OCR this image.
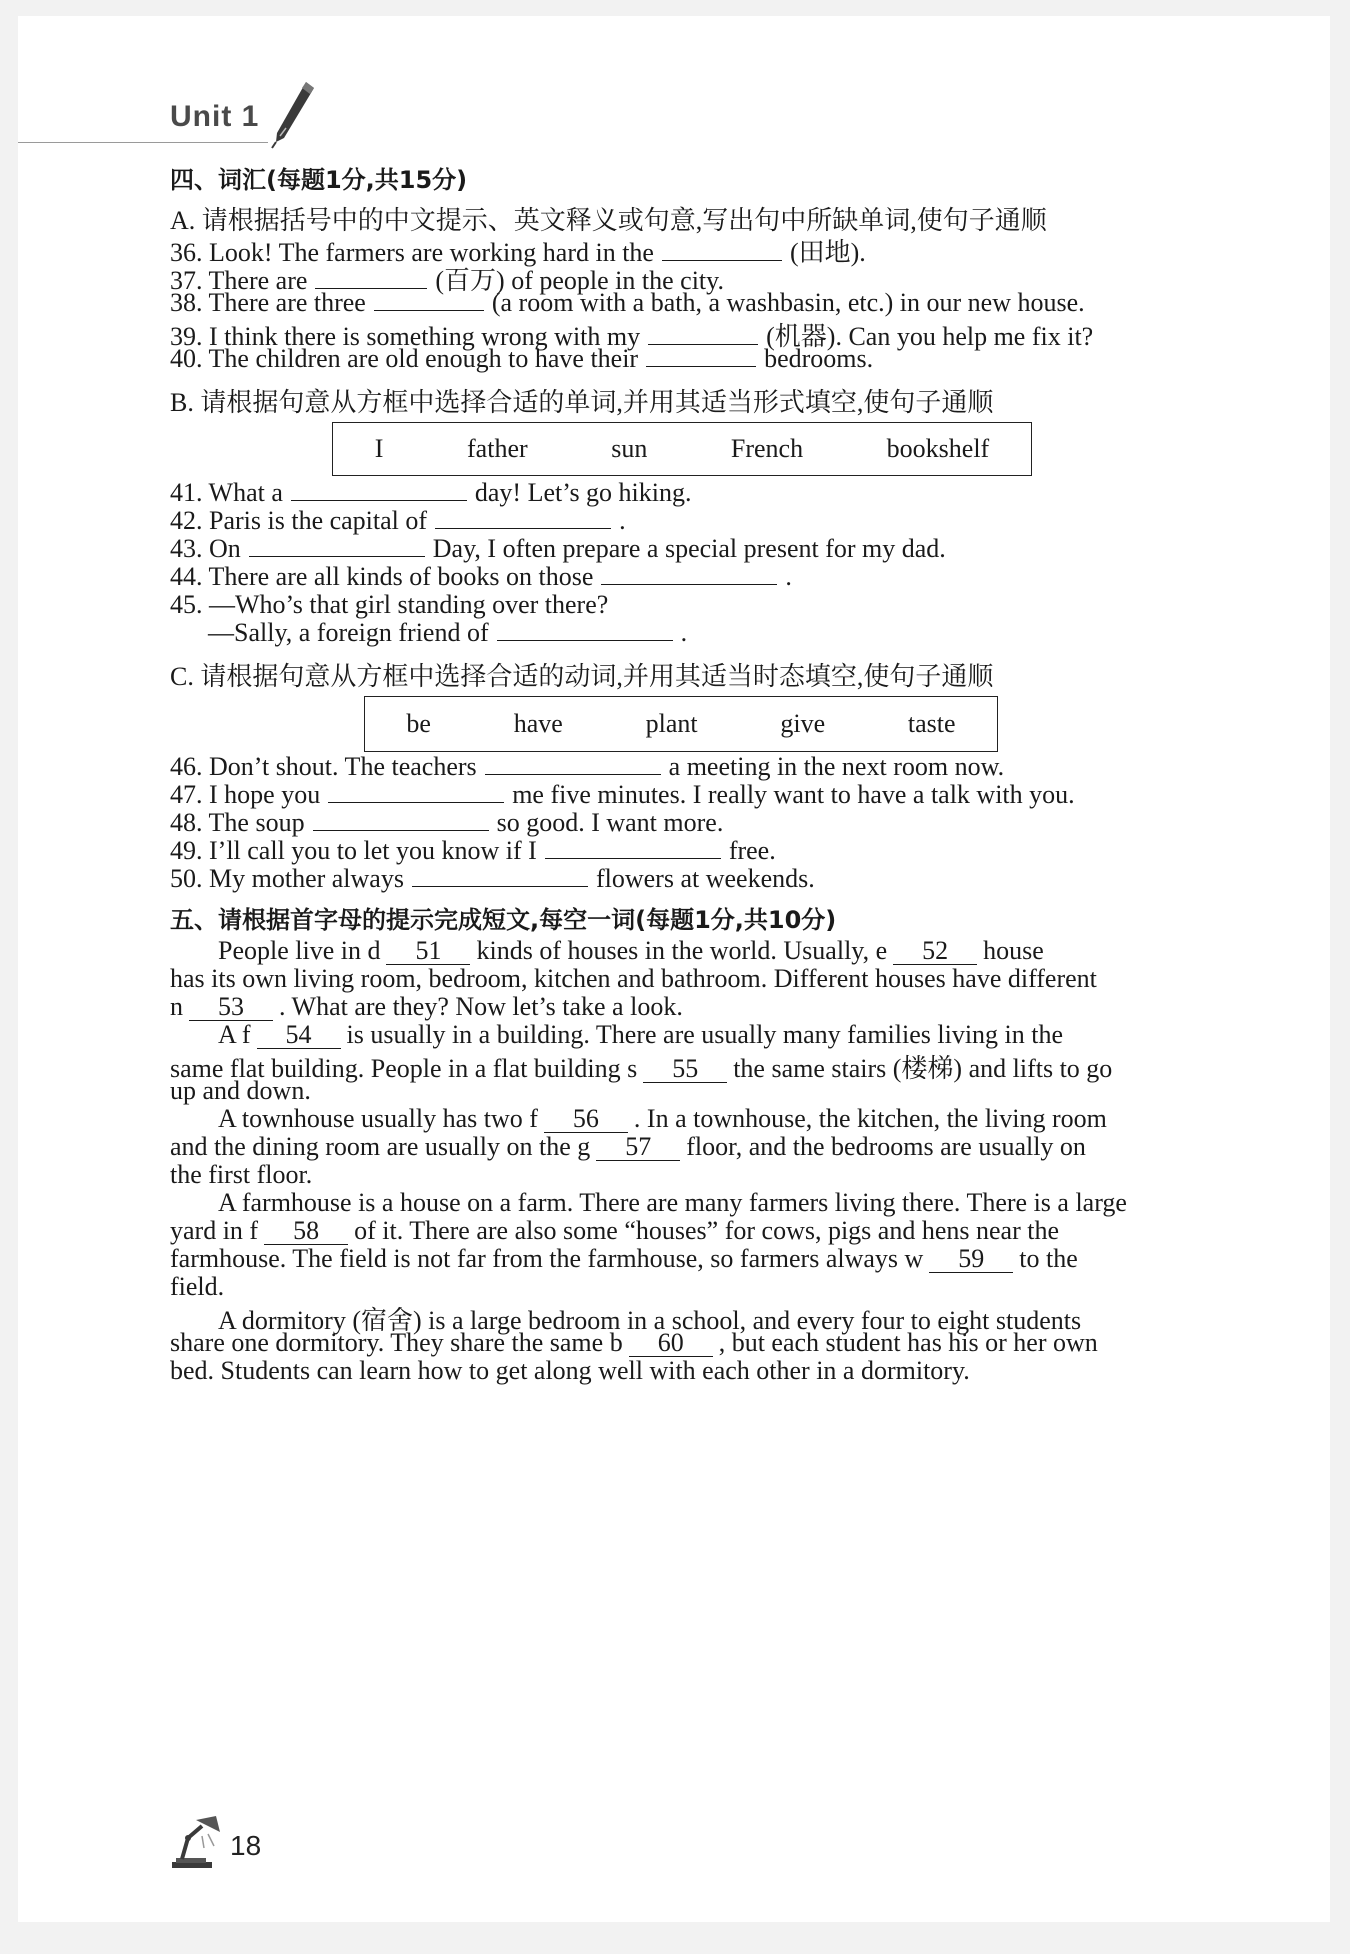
Unit 1
四、词汇(每题1分,共15分)
A. 请根据括号中的中文提示、英文释义或句意,写出句中所缺单词,使句子通顺
36. Look! The farmers are working hard in the	(田地).
37. There are	(百万) of people in the city.
38. There are three	(a room with a bath, a washbasin, etc.) in our new house.
39. I think there is something wrong with my	(机器). Can you help me fix it?
40. The children are old enough to have their	bedrooms.
B. 请根据句意从方框中选择合适的单词,并用其适当形式填空,使句子通顺
I	father	sun	French	bookshelf
41. What a	day! Let’s go hiking.
42. Paris is the capital of	.
43. On	Day, I often prepare a special present for my dad.
44. There are all kinds of books on those	.
45. —Who’s that girl standing over there?
—Sally, a foreign friend of	.
C. 请根据句意从方框中选择合适的动词,并用其适当时态填空,使句子通顺
be	have	plant	give	taste
46. Don’t shout. The teachers	a meeting in the next room now.
47. I hope you	me five minutes. I really want to have a talk with you.
48. The soup	so good. I want more.
49. I’ll call you to let you know if I	free.
50. My mother always	flowers at weekends.
五、请根据首字母的提示完成短文,每空一词(每题1分,共10分)
People live in d 51 kinds of houses in the world. Usually, e 52 house
has its own living room, bedroom, kitchen and bathroom. Different houses have different
n 53 . What are they? Now let’s take a look.
A f 54 is usually in a building. There are usually many families living in the
same flat building. People in a flat building s 55 the same stairs (楼梯) and lifts to go
up and down.
A townhouse usually has two f 56 . In a townhouse, the kitchen, the living room
and the dining room are usually on the g 57 floor, and the bedrooms are usually on
the first floor.
A farmhouse is a house on a farm. There are many farmers living there. There is a large
yard in f 58 of it. There are also some “houses” for cows, pigs and hens near the
farmhouse. The field is not far from the farmhouse, so farmers always w 59 to the
field.
A dormitory (宿舍) is a large bedroom in a school, and every four to eight students
share one dormitory. They share the same b 60 , but each student has his or her own
bed. Students can learn how to get along well with each other in a dormitory.
18
